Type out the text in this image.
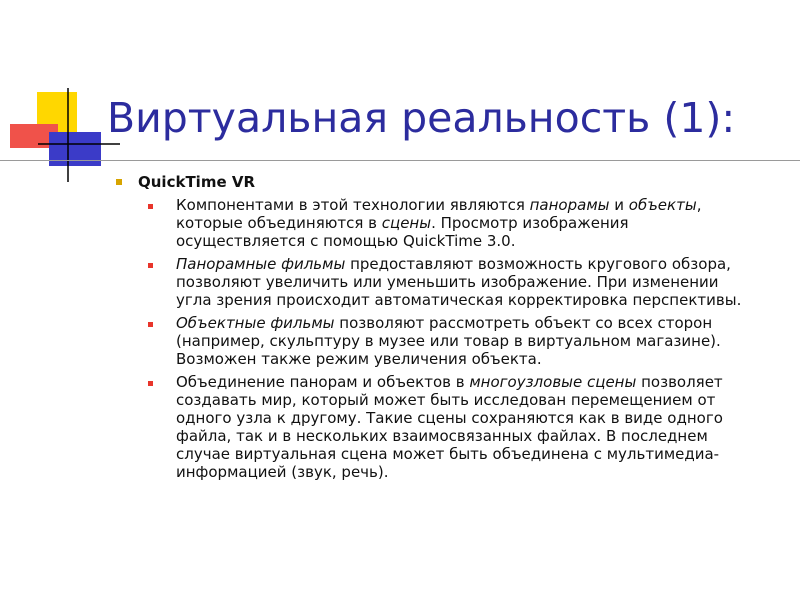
Виртуальная реальность (1):
QuickTime VR
Компонентами в этой технологии являются панорамы и объекты, которые объединяются в сцены. Просмотр изображения осуществляется с помощью QuickTime 3.0.
Панорамные фильмы предоставляют возможность кругового обзора, позволяют увеличить или уменьшить изображение. При изменении угла зрения происходит автоматическая корректировка перспективы.
Объектные фильмы позволяют рассмотреть объект со всех сторон (например, скульптуру в музее или товар в виртуальном магазине). Возможен также режим увеличения объекта.
Объединение панорам и объектов в многоузловые сцены позволяет создавать мир, который может быть исследован перемещением от одного узла к другому. Такие сцены сохраняются как в виде одного файла, так и в нескольких взаимосвязанных файлах. В последнем случае виртуальная сцена может быть объединена с мультимедиа-информацией (звук, речь).
